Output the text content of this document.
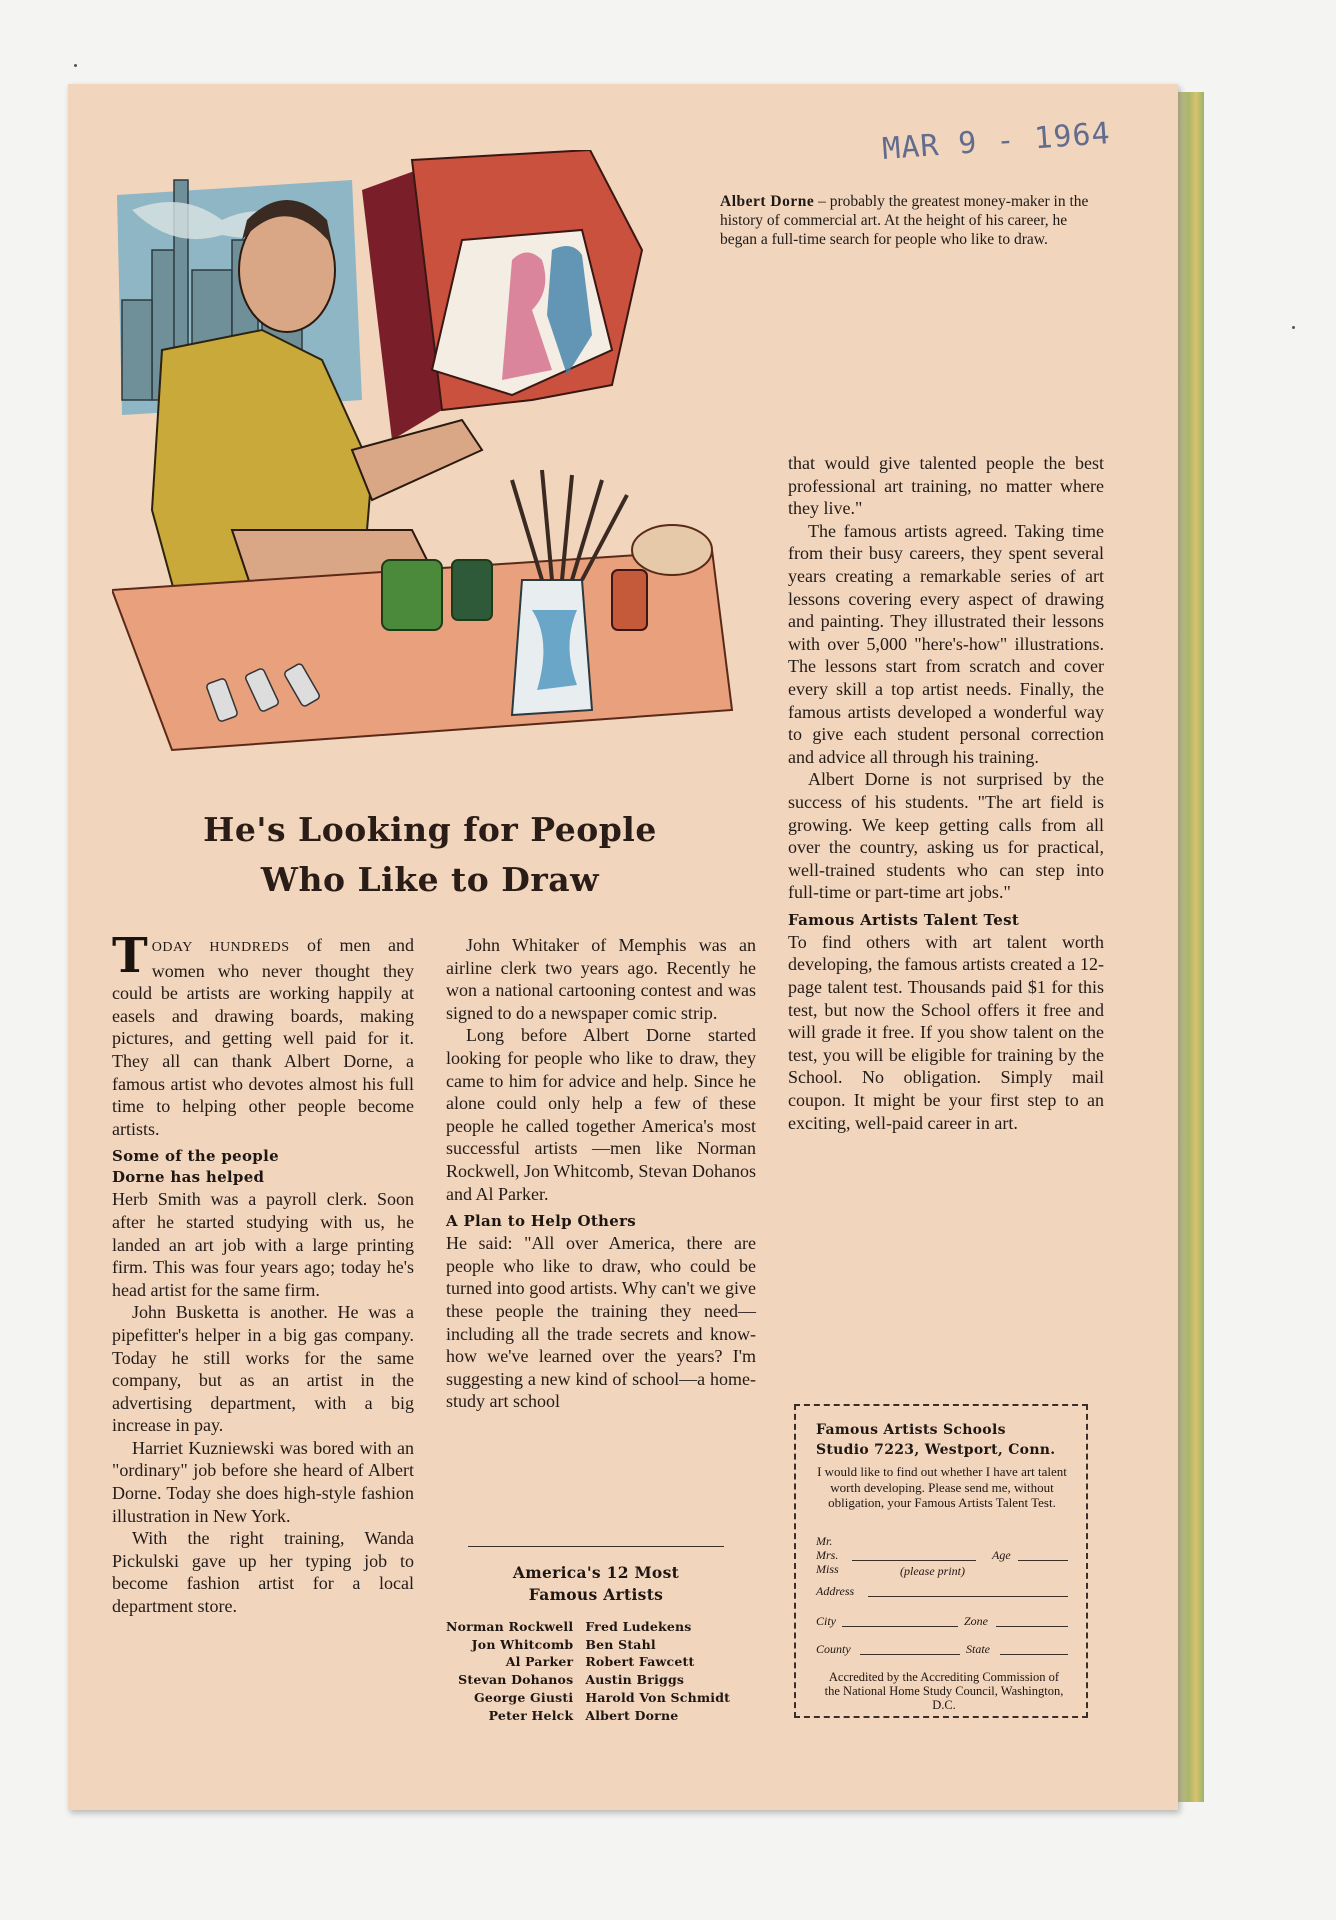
MAR 9 - 1964
Albert Dorne – probably the greatest money-maker in the history of commercial art. At the height of his career, he began a full-time search for people who like to draw.
He's Looking for People
Who Like to Draw

TODAY HUNDREDS of men and women who never thought they could be artists are working happily at easels and drawing boards, making pictures, and getting well paid for it. They all can thank Albert Dorne, a famous artist who devotes almost his full time to helping other people become artists.

Some of the people
Dorne has helped

Herb Smith was a payroll clerk. Soon after he started studying with us, he landed an art job with a large printing firm. This was four years ago; today he's head artist for the same firm.

John Busketta is another. He was a pipefitter's helper in a big gas company. Today he still works for the same company, but as an artist in the advertising department, with a big increase in pay.

Harriet Kuzniewski was bored with an "ordinary" job before she heard of Albert Dorne. Today she does high-style fashion illustration in New York.

With the right training, Wanda Pickulski gave up her typing job to become fashion artist for a local department store.

John Whitaker of Memphis was an airline clerk two years ago. Recently he won a national cartooning contest and was signed to do a newspaper comic strip.

Long before Albert Dorne started looking for people who like to draw, they came to him for advice and help. Since he alone could only help a few of these people he called together America's most successful artists —men like Norman Rockwell, Jon Whitcomb, Stevan Dohanos and Al Parker.

A Plan to Help Others

He said: "All over America, there are people who like to draw, who could be turned into good artists. Why can't we give these people the training they need—including all the trade secrets and know-how we've learned over the years? I'm suggesting a new kind of school—a home-study art school

America's 12 Most
Famous Artists
Norman Rockwell	Fred Ludekens
Jon Whitcomb	Ben Stahl
Al Parker	Robert Fawcett
Stevan Dohanos	Austin Briggs
George Giusti	Harold Von Schmidt
Peter Helck	Albert Dorne

that would give talented people the best professional art training, no matter where they live."

The famous artists agreed. Taking time from their busy careers, they spent several years creating a remarkable series of art lessons covering every aspect of drawing and painting. They illustrated their lessons with over 5,000 "here's-how" illustrations. The lessons start from scratch and cover every skill a top artist needs. Finally, the famous artists developed a wonderful way to give each student personal correction and advice all through his training.

Albert Dorne is not surprised by the success of his students. "The art field is growing. We keep getting calls from all over the country, asking us for practical, well-trained students who can step into full-time or part-time art jobs."

Famous Artists Talent Test

To find others with art talent worth developing, the famous artists created a 12-page talent test. Thousands paid $1 for this test, but now the School offers it free and will grade it free. If you show talent on the test, you will be eligible for training by the School. No obligation. Simply mail coupon. It might be your first step to an exciting, well-paid career in art.

Famous Artists Schools
Studio 7223, Westport, Conn.
I would like to find out whether I have art talent worth developing. Please send me, without obligation, your Famous Artists Talent Test.
Mr.
Mrs.
Miss	(please print)
Age
Address
City	Zone
County	State
Accredited by the Accrediting Commission of the National Home Study Council, Washington, D.C.
